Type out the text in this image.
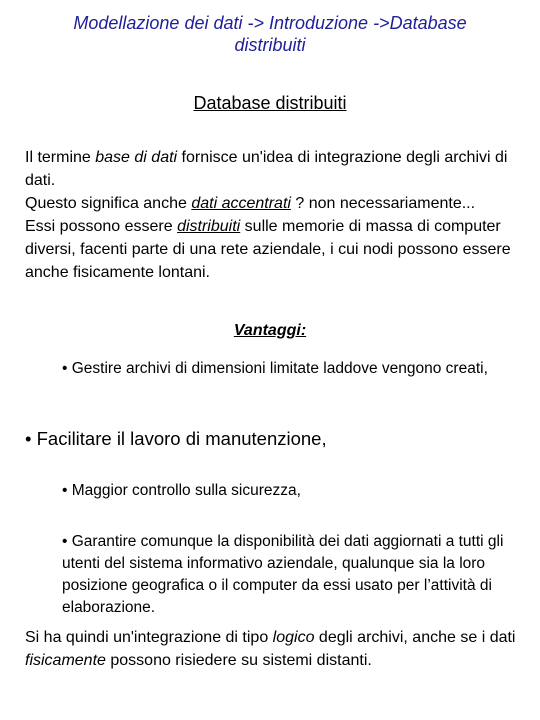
Modellazione dei dati -> Introduzione ->Database
distribuiti
Database distribuiti

Il termine base di dati fornisce un'idea di integrazione degli archivi di dati.

Questo significa anche dati accentrati ? non necessariamente...

Essi possono essere distribuiti sulle memorie di massa di computer diversi, facenti parte di una rete aziendale, i cui nodi possono essere anche fisicamente lontani.

Vantaggi:

• Gestire archivi di dimensioni limitate laddove vengono creati,

• Facilitare il lavoro di manutenzione,

• Maggior controllo sulla sicurezza,

• Garantire comunque la disponibilità dei dati aggiornati a tutti gli utenti del sistema informativo aziendale, qualunque sia la loro posizione geografica o il computer da essi usato per l’attività di elaborazione.

Si ha quindi un'integrazione di tipo logico degli archivi, anche se i dati fisicamente possono risiedere su sistemi distanti.
